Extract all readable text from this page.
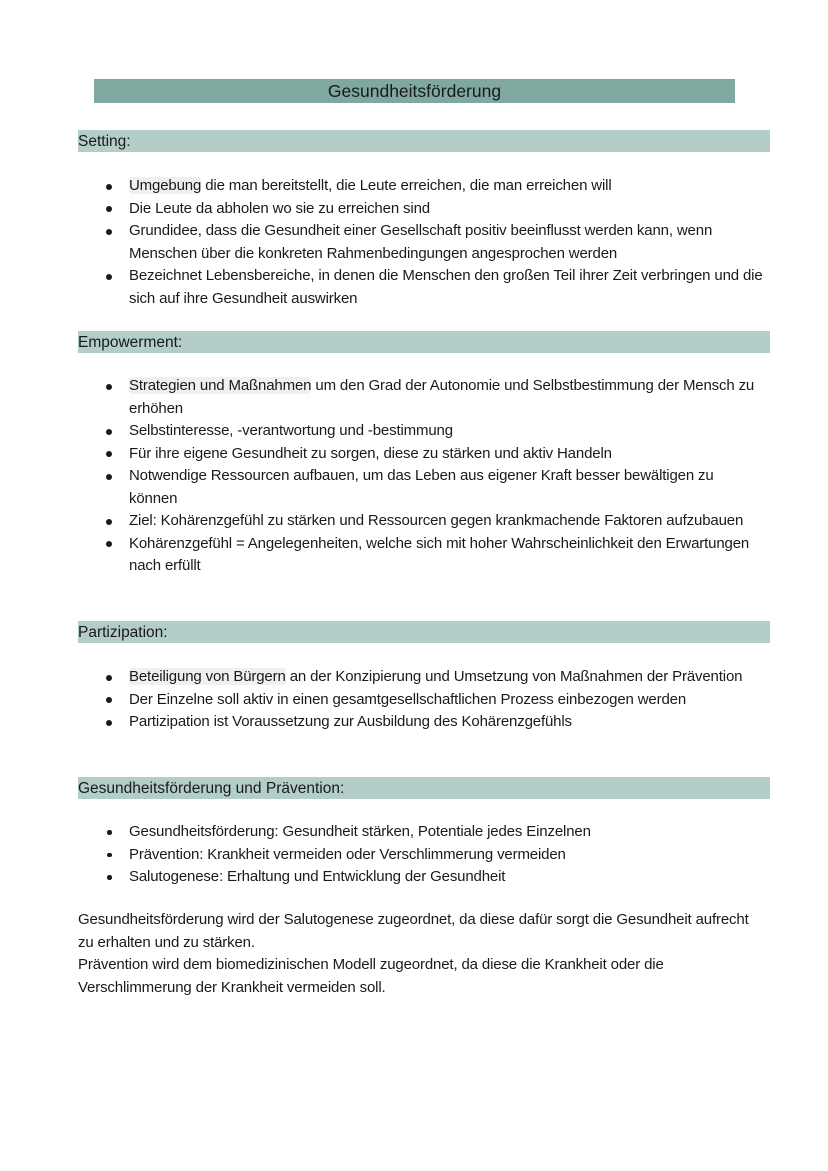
Gesundheitsförderung
Setting:
Umgebung die man bereitstellt, die Leute erreichen, die man erreichen will
Die Leute da abholen wo sie zu erreichen sind
Grundidee, dass die Gesundheit einer Gesellschaft positiv beeinflusst werden kann, wenn Menschen über die konkreten Rahmenbedingungen angesprochen werden
Bezeichnet Lebensbereiche, in denen die Menschen den großen Teil ihrer Zeit verbringen und die sich auf ihre Gesundheit auswirken
Empowerment:
Strategien und Maßnahmen um den Grad der Autonomie und Selbstbestimmung der Mensch zu erhöhen
Selbstinteresse, -verantwortung und -bestimmung
Für ihre eigene Gesundheit zu sorgen, diese zu stärken und aktiv Handeln
Notwendige Ressourcen aufbauen, um das Leben aus eigener Kraft besser bewältigen zu können
Ziel: Kohärenzgefühl zu stärken und Ressourcen gegen krankmachende Faktoren aufzubauen
Kohärenzgefühl = Angelegenheiten, welche sich mit hoher Wahrscheinlichkeit den Erwartungen nach erfüllt
Partizipation:
Beteiligung von Bürgern an der Konzipierung und Umsetzung von Maßnahmen der Prävention
Der Einzelne soll aktiv in einen gesamtgesellschaftlichen Prozess einbezogen werden
Partizipation ist Voraussetzung zur Ausbildung des Kohärenzgefühls
Gesundheitsförderung und Prävention:
Gesundheitsförderung: Gesundheit stärken, Potentiale jedes Einzelnen
Prävention: Krankheit vermeiden oder Verschlimmerung vermeiden
Salutogenese: Erhaltung und Entwicklung der Gesundheit

Gesundheitsförderung wird der Salutogenese zugeordnet, da diese dafür sorgt die Gesundheit aufrecht zu erhalten und zu stärken.

Prävention wird dem biomedizinischen Modell zugeordnet, da diese die Krankheit oder die Verschlimmerung der Krankheit vermeiden soll.
